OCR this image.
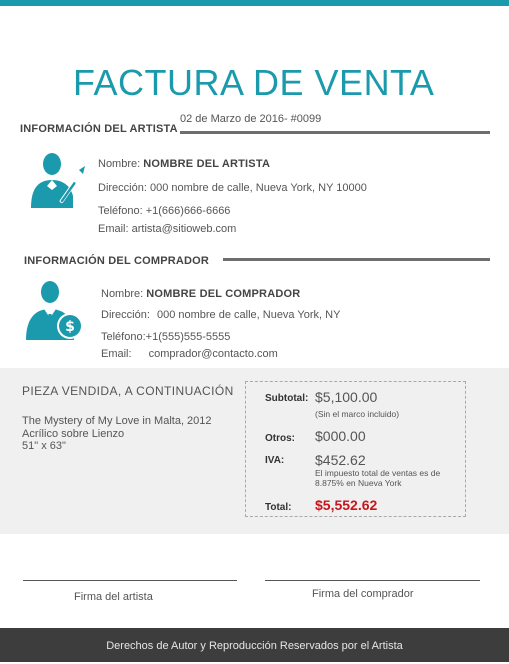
FACTURA DE VENTA
02 de Marzo de 2016- #0099
INFORMACIÓN DEL ARTISTA
Nombre: NOMBRE DEL ARTISTA
Dirección: 000 nombre de calle, Nueva York, NY 10000
Teléfono: +1(666)666-6666
Email: artista@sitioweb.com
INFORMACIÓN DEL COMPRADOR
$
Nombre: NOMBRE DEL COMPRADOR
Dirección: 000 nombre de calle, Nueva York, NY
Teléfono:+1(555)555-5555
Email: comprador@contacto.com
PIEZA VENDIDA, A CONTINUACIÓN
The Mystery of My Love in Malta, 2012
Acrílico sobre Lienzo
51" x 63"
Subtotal: $5,100.00
(Sin el marco incluido)
Otros: $000.00
IVA: $452.62
El impuesto total de ventas es de
8.875% en Nueva York
Total: $5,552.62
Firma del artista	Firma del comprador
Derechos de Autor y Reproducción Reservados por el Artista
